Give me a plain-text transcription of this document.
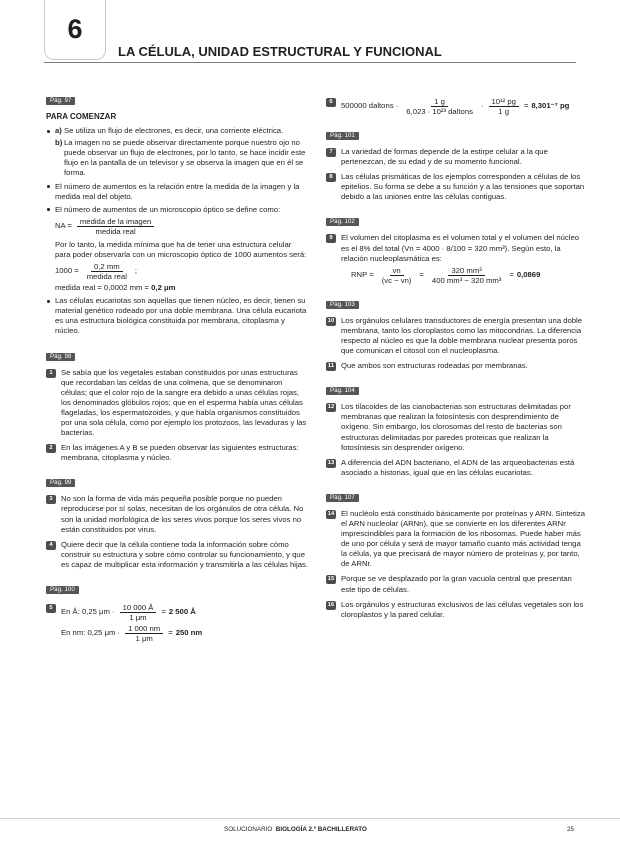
6
LA CÉLULA, UNIDAD ESTRUCTURAL Y FUNCIONAL
Pág. 97
PARA COMENZAR
a) Se utiliza un flujo de electrones, es decir, una corriente eléctrica.
b) La imagen no se puede observar directamente porque nuestro ojo no puede observar un flujo de electrones, por lo tanto, se hace incidir este flujo en la pantalla de un televisor y se observa la imagen que en él se forma.
El número de aumentos es la relación entre la medida de la imagen y la medida real del objeto.
El número de aumentos de un microscopio óptico se define como:
NA = $\frac{\text{medida de la imagen}}{\text{medida real}}$
Por lo tanto, la medida mínima que ha de tener una estructura celular para poder observarla con un microscopio óptico de 1000 aumentos será:
$1000 = \frac{0,2 mm}{\text{medida real}}$ ;
medida real = 0,0002 mm = 0,2 μm
Las células eucariotas son aquellas que tienen núcleo, es decir, tienen su material genético rodeado por una doble membrana. Una célula eucariota es una estructura biológica constituida por membrana, citoplasma y núcleo.
Pág. 98
1	Se sabía que los vegetales estaban constituidos por unas estructuras que recordaban las celdas de una colmena, que se denominaron células; que el color rojo de la sangre era debido a unas células rojas, los denominados glóbulos rojos; que en el esperma había unas células flageladas, los espermatozoides, y que había organismos constituidos por una sola célula, como por ejemplo los protozoos, las levaduras y las bacterias.
2	En las imágenes A y B se pueden observar las siguientes estructuras: membrana, citoplasma y núcleo.
Pág. 99
3	No son la forma de vida más pequeña posible porque no pueden reproducirse por sí solas, necesitan de los orgánulos de otra célula. No son la unidad morfológica de los seres vivos porque los seres vivos no están constituidos por virus.
4	Quiere decir que la célula contiene toda la información sobre cómo construir su estructura y sobre cómo controlar su funcionamiento, y que es capaz de multiplicar esta información y transmitirla a las células hijas.
Pág. 100
5	En Å: 0,25 $\mu m \cdot \frac{10 000 Å}{1 \mu m} = 2$ 500 Å
En nm: 0,25 $\mu m \cdot \frac{1 000 nm}{1 \mu m} = 250$ nm
6	500000 daltons · $\frac{1 g}{\text{6,023 · 10²³ daltons}} \cdot \frac{\text{10¹² pg}}{1 g} = 8,301^{-7}$ pg
Pág. 101
7	La variedad de formas depende de la estirpe celular a la que pertenezcan, de su edad y de su momento funcional.
8	Las células prismáticas de los ejemplos corresponden a células de los epitelios. Su forma se debe a su función y a las tensiones que soportan debido a las uniones entre las células contiguas.
Pág. 102
9	El volumen del citoplasma es el volumen total y el volumen del núcleo es el 8% del total (Vn = 4000 · 8/100 = 320 mm³). Según esto, la relación nucleoplasmática es:
RNP = $\frac{vn}{(vc - vn)} = \frac{\text{320 mm³}}{\text{400 mm³ − 320 mm³}} = 0,0869$
Pág. 103
10 Los orgánulos celulares transductores de energía presentan una doble membrana, tanto los cloroplastos como las mitocondrias. La diferencia respecto al núcleo es que la doble membrana nuclear presenta poros que comunican el citosol con el nucleoplasma.
11 Que ambos son estructuras rodeadas por membranas.
Pág. 104
12 Los tilacoides de las cianobacterias son estructuras delimitadas por membranas que realizan la fotosíntesis con desprendimiento de oxígeno. Sin embargo, los clorosomas del resto de bacterias son estructuras delimitadas por paredes proteicas que realizan la fotosíntesis sin desprender oxígeno.
13 A diferencia del ADN bacteriano, el ADN de las arqueobacterias está asociado a histonas, igual que en las células eucariotas.
Pág. 107
14 El nucléolo está constituido básicamente por proteínas y ARN. Sintetiza el ARN nucleolar (ARNn), que se convierte en los diferentes ARNr imprescindibles para la formación de los ribosomas. Puede haber más de uno por célula y será de mayor tamaño cuanto más actividad tenga la célula, ya que precisará de mayor número de proteínas y, por tanto, de ARNr.
15 Porque se ve desplazado por la gran vacuola central que presentan este tipo de células.
16 Los orgánulos y estructuras exclusivos de las células vegetales son los cloroplastos y la pared celular.
SOLUCIONARIO BIOLOGÍA 2.º BACHILLERATO	25
